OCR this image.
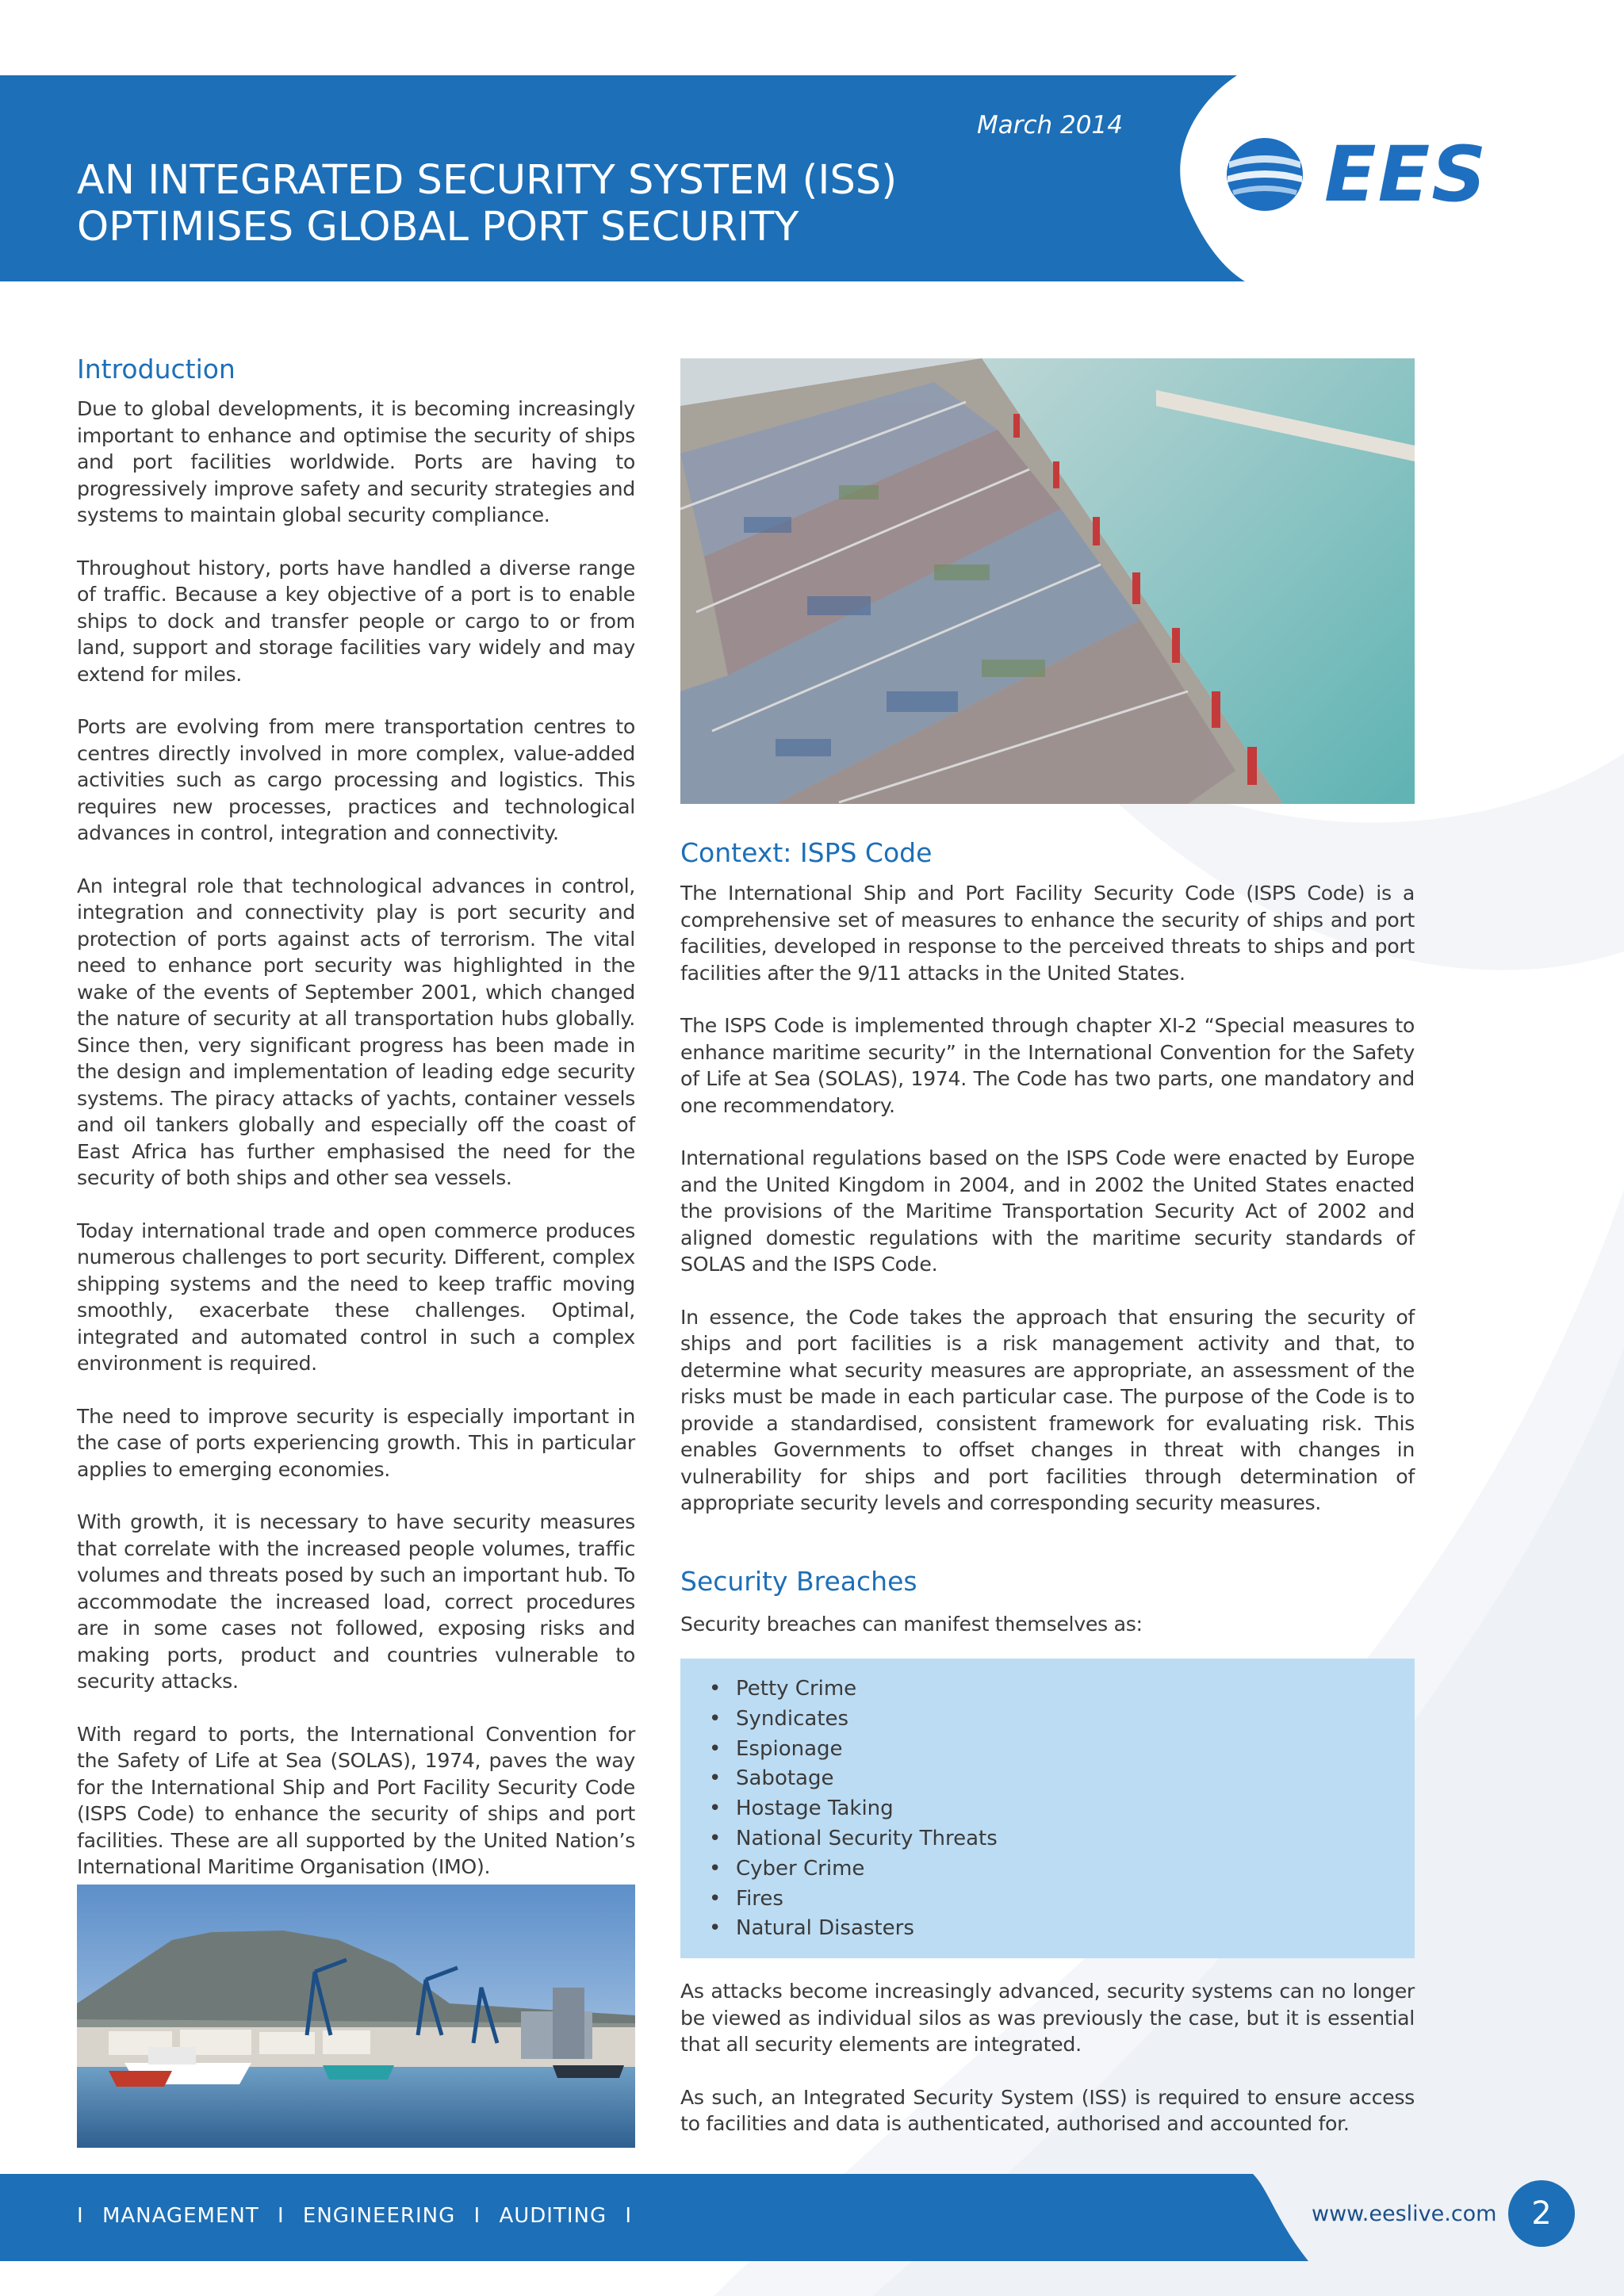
March 2014
AN INTEGRATED SECURITY SYSTEM (ISS)
OPTIMISES GLOBAL PORT SECURITY
EES
Introduction

Due to global developments, it is becoming increasingly important to enhance and optimise the security of ships and port facilities worldwide. Ports are having to progressively improve safety and security strategies and systems to maintain global security compliance.

Throughout history, ports have handled a diverse range of traffic. Because a key objective of a port is to enable ships to dock and transfer people or cargo to or from land, support and storage facilities vary widely and may extend for miles.

Ports are evolving from mere transportation centres to centres directly involved in more complex, value-added activities such as cargo processing and logistics. This requires new processes, practices and technological advances in control, integration and connectivity.

An integral role that technological advances in control, integration and connectivity play is port security and protection of ports against acts of terrorism. The vital need to enhance port security was highlighted in the wake of the events of September 2001, which changed the nature of security at all transportation hubs globally. Since then, very significant progress has been made in the design and implementation of leading edge security systems. The piracy attacks of yachts, container vessels and oil tankers globally and especially off the coast of East Africa has further emphasised the need for the security of both ships and other sea vessels.

Today international trade and open commerce produces numerous challenges to port security. Different, complex shipping systems and the need to keep traffic moving smoothly, exacerbate these challenges. Optimal, integrated and automated control in such a complex environment is required.

The need to improve security is especially important in the case of ports experiencing growth. This in particular applies to emerging economies.

With growth, it is necessary to have security measures that correlate with the increased people volumes, traffic volumes and threats posed by such an important hub. To accommodate the increased load, correct procedures are in some cases not followed, exposing risks and making ports, product and countries vulnerable to security attacks.

With regard to ports, the International Convention for the Safety of Life at Sea (SOLAS), 1974, paves the way for the International Ship and Port Facility Security Code (ISPS Code) to enhance the security of ships and port facilities. These are all supported by the United Nation’s International Maritime Organisation (IMO).

Context: ISPS Code

The International Ship and Port Facility Security Code (ISPS Code) is a comprehensive set of measures to enhance the security of ships and port facilities, developed in response to the perceived threats to ships and port facilities after the 9/11 attacks in the United States.

The ISPS Code is implemented through chapter XI-2 “Special measures to enhance maritime security” in the International Convention for the Safety of Life at Sea (SOLAS), 1974. The Code has two parts, one mandatory and one recommendatory.

International regulations based on the ISPS Code were enacted by Europe and the United Kingdom in 2004, and in 2002 the United States enacted the provisions of the Maritime Transportation Security Act of 2002 and aligned domestic regulations with the maritime security standards of SOLAS and the ISPS Code.

In essence, the Code takes the approach that ensuring the security of ships and port facilities is a risk management activity and that, to determine what security measures are appropriate, an assessment of the risks must be made in each particular case. The purpose of the Code is to provide a standardised, consistent framework for evaluating risk. This enables Governments to offset changes in threat with changes in vulnerability for ships and port facilities through determination of appropriate security levels and corresponding security measures.

Security Breaches

Security breaches can manifest themselves as:

• Petty Crime
• Syndicates
• Espionage
• Sabotage
• Hostage Taking
• National Security Threats
• Cyber Crime
• Fires
• Natural Disasters

As attacks become increasingly advanced, security systems can no longer be viewed as individual silos as was previously the case, but it is essential that all security elements are integrated.

As such, an Integrated Security System (ISS) is required to ensure access to facilities and data is authenticated, authorised and accounted for.

I MANAGEMENT I ENGINEERING I AUDITING I	www.eeslive.com	2
